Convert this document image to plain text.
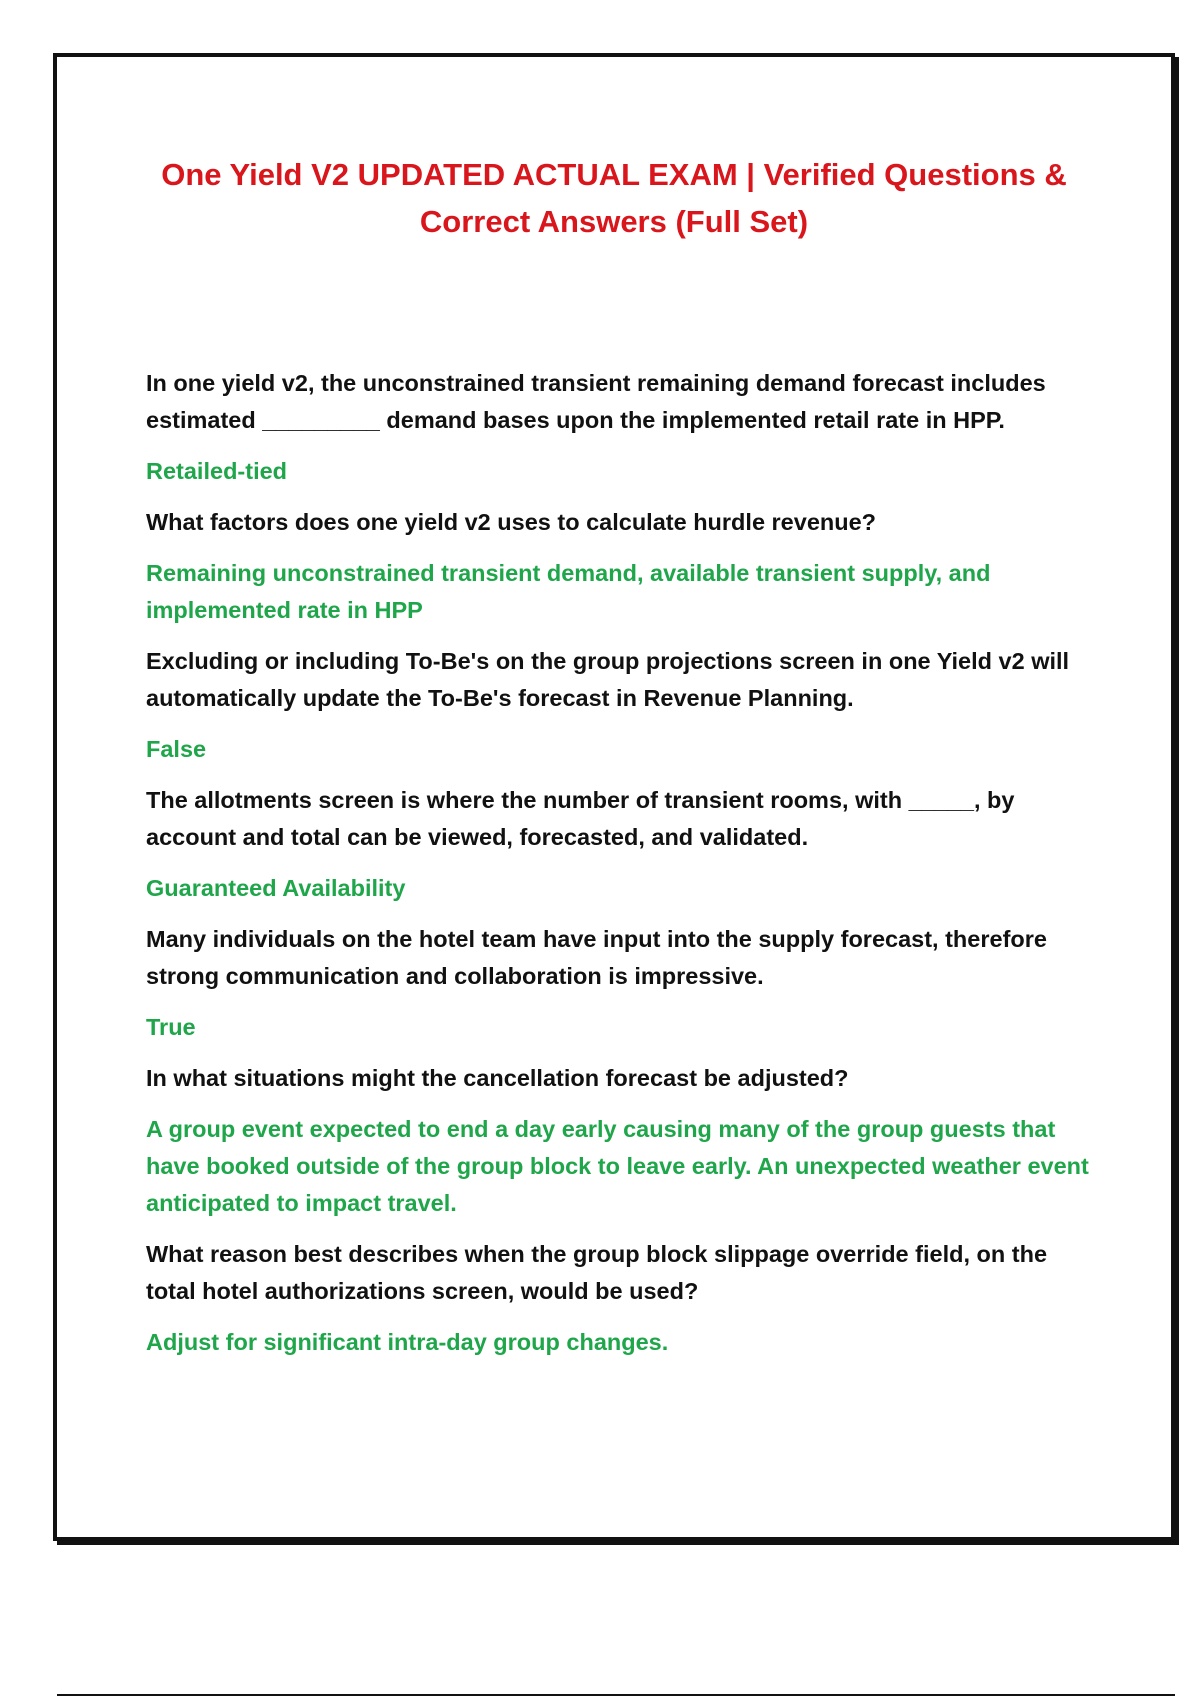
One Yield V2 UPDATED ACTUAL EXAM | Verified Questions & Correct Answers (Full Set)

In one yield v2, the unconstrained transient remaining demand forecast includes estimated _________ demand bases upon the implemented retail rate in HPP.

Retailed-tied

What factors does one yield v2 uses to calculate hurdle revenue?

Remaining unconstrained transient demand, available transient supply, and implemented rate in HPP

Excluding or including To-Be's on the group projections screen in one Yield v2 will automatically update the To-Be's forecast in Revenue Planning.

False

The allotments screen is where the number of transient rooms, with _____, by account and total can be viewed, forecasted, and validated.

Guaranteed Availability

Many individuals on the hotel team have input into the supply forecast, therefore strong communication and collaboration is impressive.

True

In what situations might the cancellation forecast be adjusted?

A group event expected to end a day early causing many of the group guests that have booked outside of the group block to leave early. An unexpected weather event anticipated to impact travel.

What reason best describes when the group block slippage override field, on the total hotel authorizations screen, would be used?

Adjust for significant intra-day group changes.
